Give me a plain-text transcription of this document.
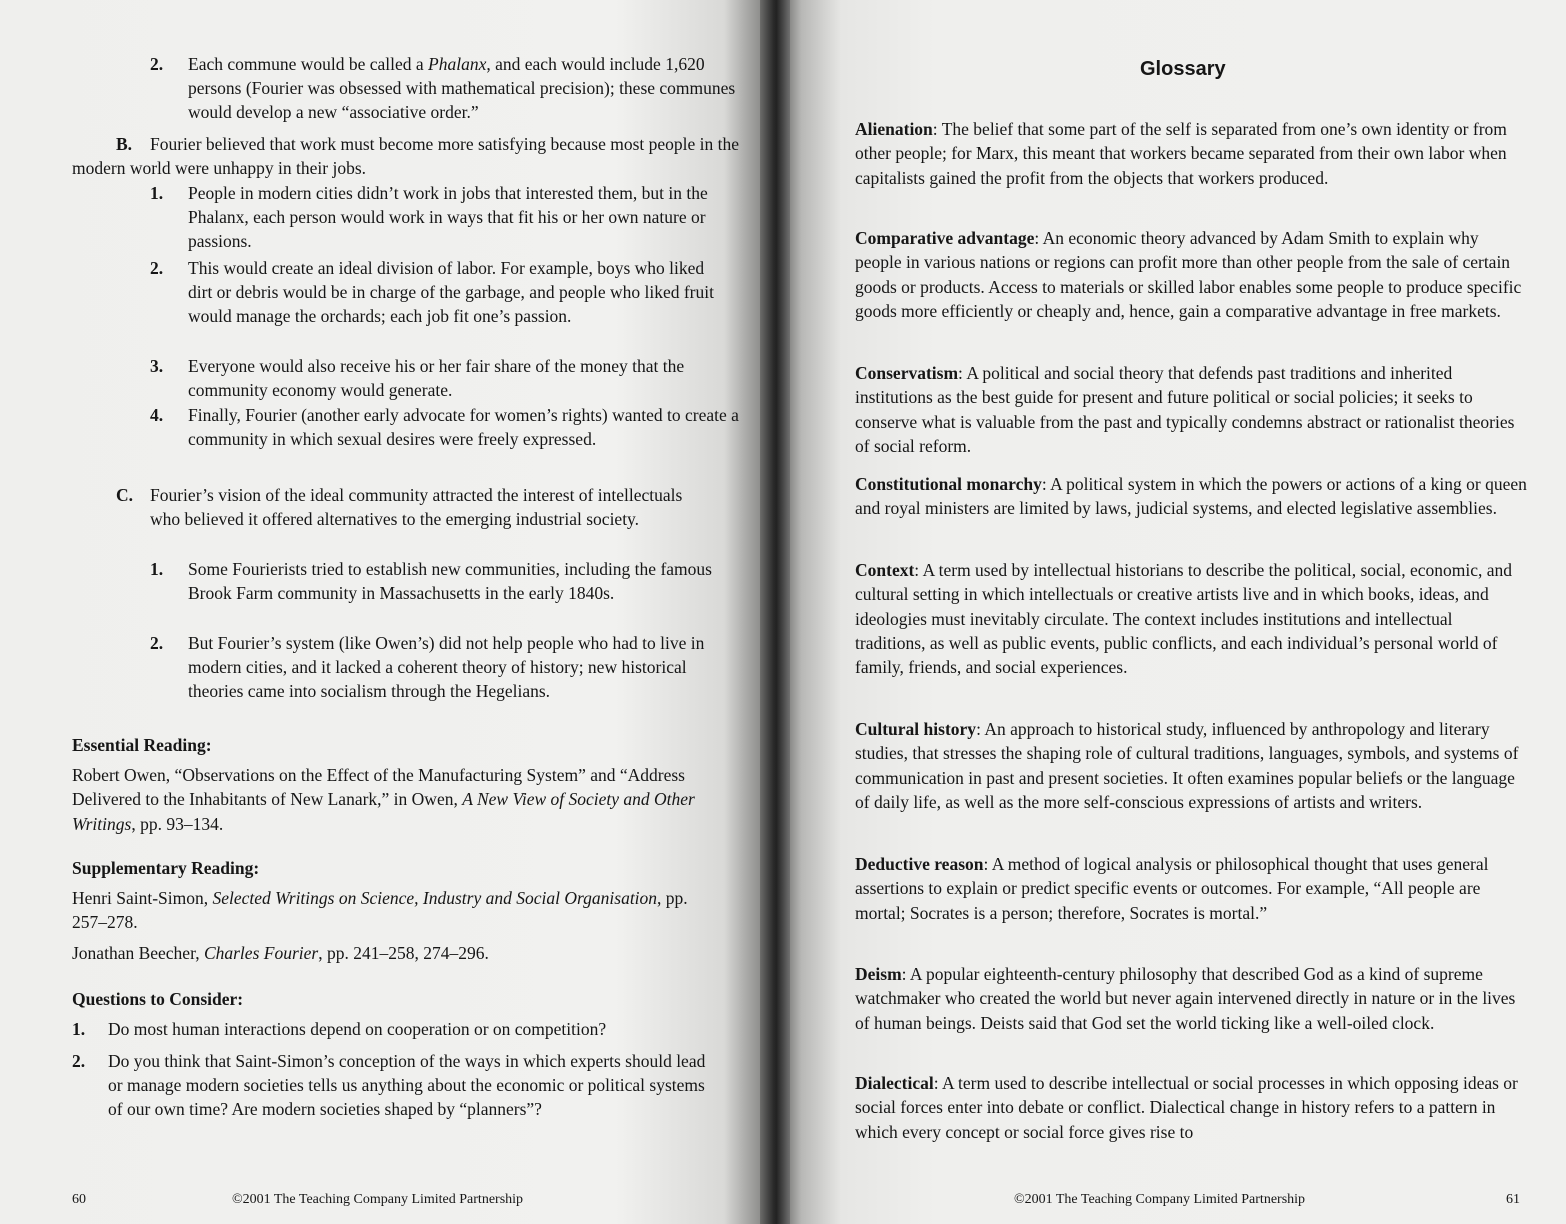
2. Each commune would be called a Phalanx, and each would include 1,620 persons (Fourier was obsessed with mathematical precision); these communes would develop a new “associative order.”
B. Fourier believed that work must become more satisfying because most people in the modern world were unhappy in their jobs.
1. People in modern cities didn’t work in jobs that interested them, but in the Phalanx, each person would work in ways that fit his or her own nature or passions.
2. This would create an ideal division of labor. For example, boys who liked dirt or debris would be in charge of the garbage, and people who liked fruit would manage the orchards; each job fit one’s passion.
3. Everyone would also receive his or her fair share of the money that the community economy would generate.
4. Finally, Fourier (another early advocate for women’s rights) wanted to create a community in which sexual desires were freely expressed.
C. Fourier’s vision of the ideal community attracted the interest of intellectuals who believed it offered alternatives to the emerging industrial society.
1. Some Fourierists tried to establish new communities, including the famous Brook Farm community in Massachusetts in the early 1840s.
2. But Fourier’s system (like Owen’s) did not help people who had to live in modern cities, and it lacked a coherent theory of history; new historical theories came into socialism through the Hegelians.
Essential Reading:
Robert Owen, “Observations on the Effect of the Manufacturing System” and “Address Delivered to the Inhabitants of New Lanark,” in Owen, A New View of Society and Other Writings, pp. 93–134.
Supplementary Reading:
Henri Saint-Simon, Selected Writings on Science, Industry and Social Organisation, pp. 257–278.
Jonathan Beecher, Charles Fourier, pp. 241–258, 274–296.
Questions to Consider:
1. Do most human interactions depend on cooperation or on competition?
2. Do you think that Saint-Simon’s conception of the ways in which experts should lead or manage modern societies tells us anything about the economic or political systems of our own time? Are modern societies shaped by “planners”?
60	©2001 The Teaching Company Limited Partnership
Glossary
Alienation: The belief that some part of the self is separated from one’s own identity or from other people; for Marx, this meant that workers became separated from their own labor when capitalists gained the profit from the objects that workers produced.
Comparative advantage: An economic theory advanced by Adam Smith to explain why people in various nations or regions can profit more than other people from the sale of certain goods or products. Access to materials or skilled labor enables some people to produce specific goods more efficiently or cheaply and, hence, gain a comparative advantage in free markets.
Conservatism: A political and social theory that defends past traditions and inherited institutions as the best guide for present and future political or social policies; it seeks to conserve what is valuable from the past and typically condemns abstract or rationalist theories of social reform.
Constitutional monarchy: A political system in which the powers or actions of a king or queen and royal ministers are limited by laws, judicial systems, and elected legislative assemblies.
Context: A term used by intellectual historians to describe the political, social, economic, and cultural setting in which intellectuals or creative artists live and in which books, ideas, and ideologies must inevitably circulate. The context includes institutions and intellectual traditions, as well as public events, public conflicts, and each individual’s personal world of family, friends, and social experiences.
Cultural history: An approach to historical study, influenced by anthropology and literary studies, that stresses the shaping role of cultural traditions, languages, symbols, and systems of communication in past and present societies. It often examines popular beliefs or the language of daily life, as well as the more self-conscious expressions of artists and writers.
Deductive reason: A method of logical analysis or philosophical thought that uses general assertions to explain or predict specific events or outcomes. For example, “All people are mortal; Socrates is a person; therefore, Socrates is mortal.”
Deism: A popular eighteenth-century philosophy that described God as a kind of supreme watchmaker who created the world but never again intervened directly in nature or in the lives of human beings. Deists said that God set the world ticking like a well-oiled clock.
Dialectical: A term used to describe intellectual or social processes in which opposing ideas or social forces enter into debate or conflict. Dialectical change in history refers to a pattern in which every concept or social force gives rise to
©2001 The Teaching Company Limited Partnership	61
